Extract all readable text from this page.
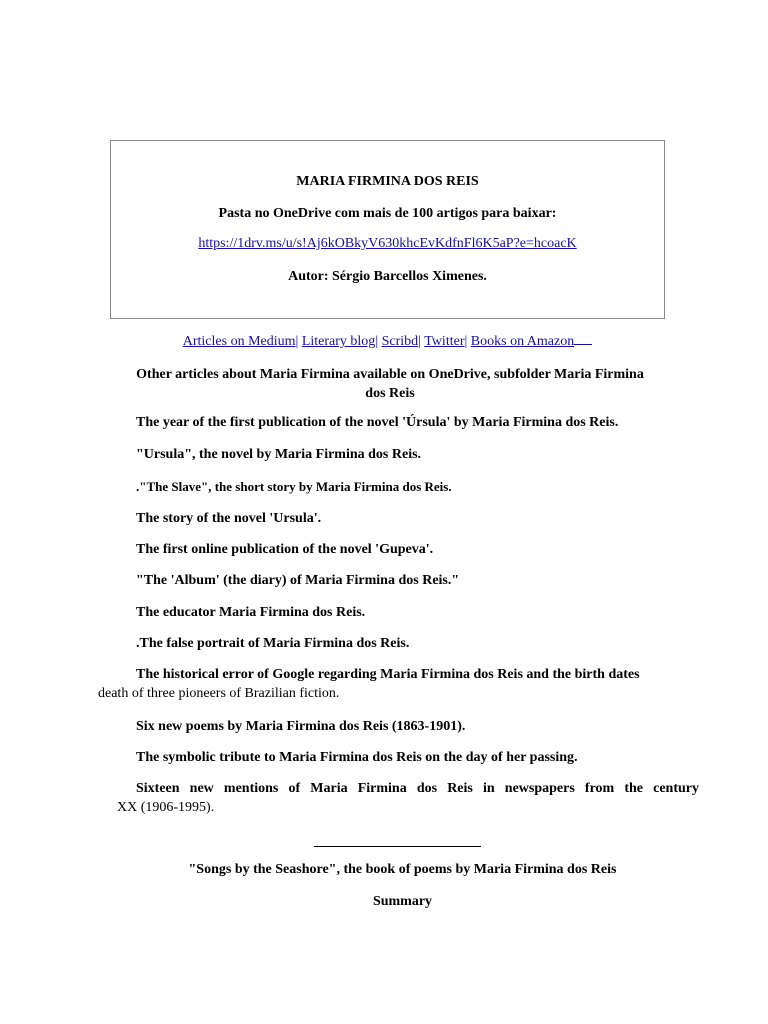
MARIA FIRMINA DOS REIS
Pasta no OneDrive com mais de 100 artigos para baixar:
https://1drv.ms/u/s!Aj6kOBkyV630khcEvKdfnFl6K5aP?e=hcoacK
Autor: Sérgio Barcellos Ximenes.
Articles on Medium| Literary blog| Scribd| Twitter| Books on Amazon
Other articles about Maria Firmina available on OneDrive, subfolder Maria Firmina dos Reis
The year of the first publication of the novel 'Úrsula' by Maria Firmina dos Reis.
"Ursula", the novel by Maria Firmina dos Reis.
."The Slave", the short story by Maria Firmina dos Reis.
The story of the novel 'Ursula'.
The first online publication of the novel 'Gupeva'.
"The 'Album' (the diary) of Maria Firmina dos Reis."
The educator Maria Firmina dos Reis.
.The false portrait of Maria Firmina dos Reis.
The historical error of Google regarding Maria Firmina dos Reis and the birth dates
death of three pioneers of Brazilian fiction.
Six new poems by Maria Firmina dos Reis (1863-1901).
The symbolic tribute to Maria Firmina dos Reis on the day of her passing.
Sixteen new mentions of Maria Firmina dos Reis in newspapers from the century
XX (1906-1995).
"Songs by the Seashore", the book of poems by Maria Firmina dos Reis
Summary
